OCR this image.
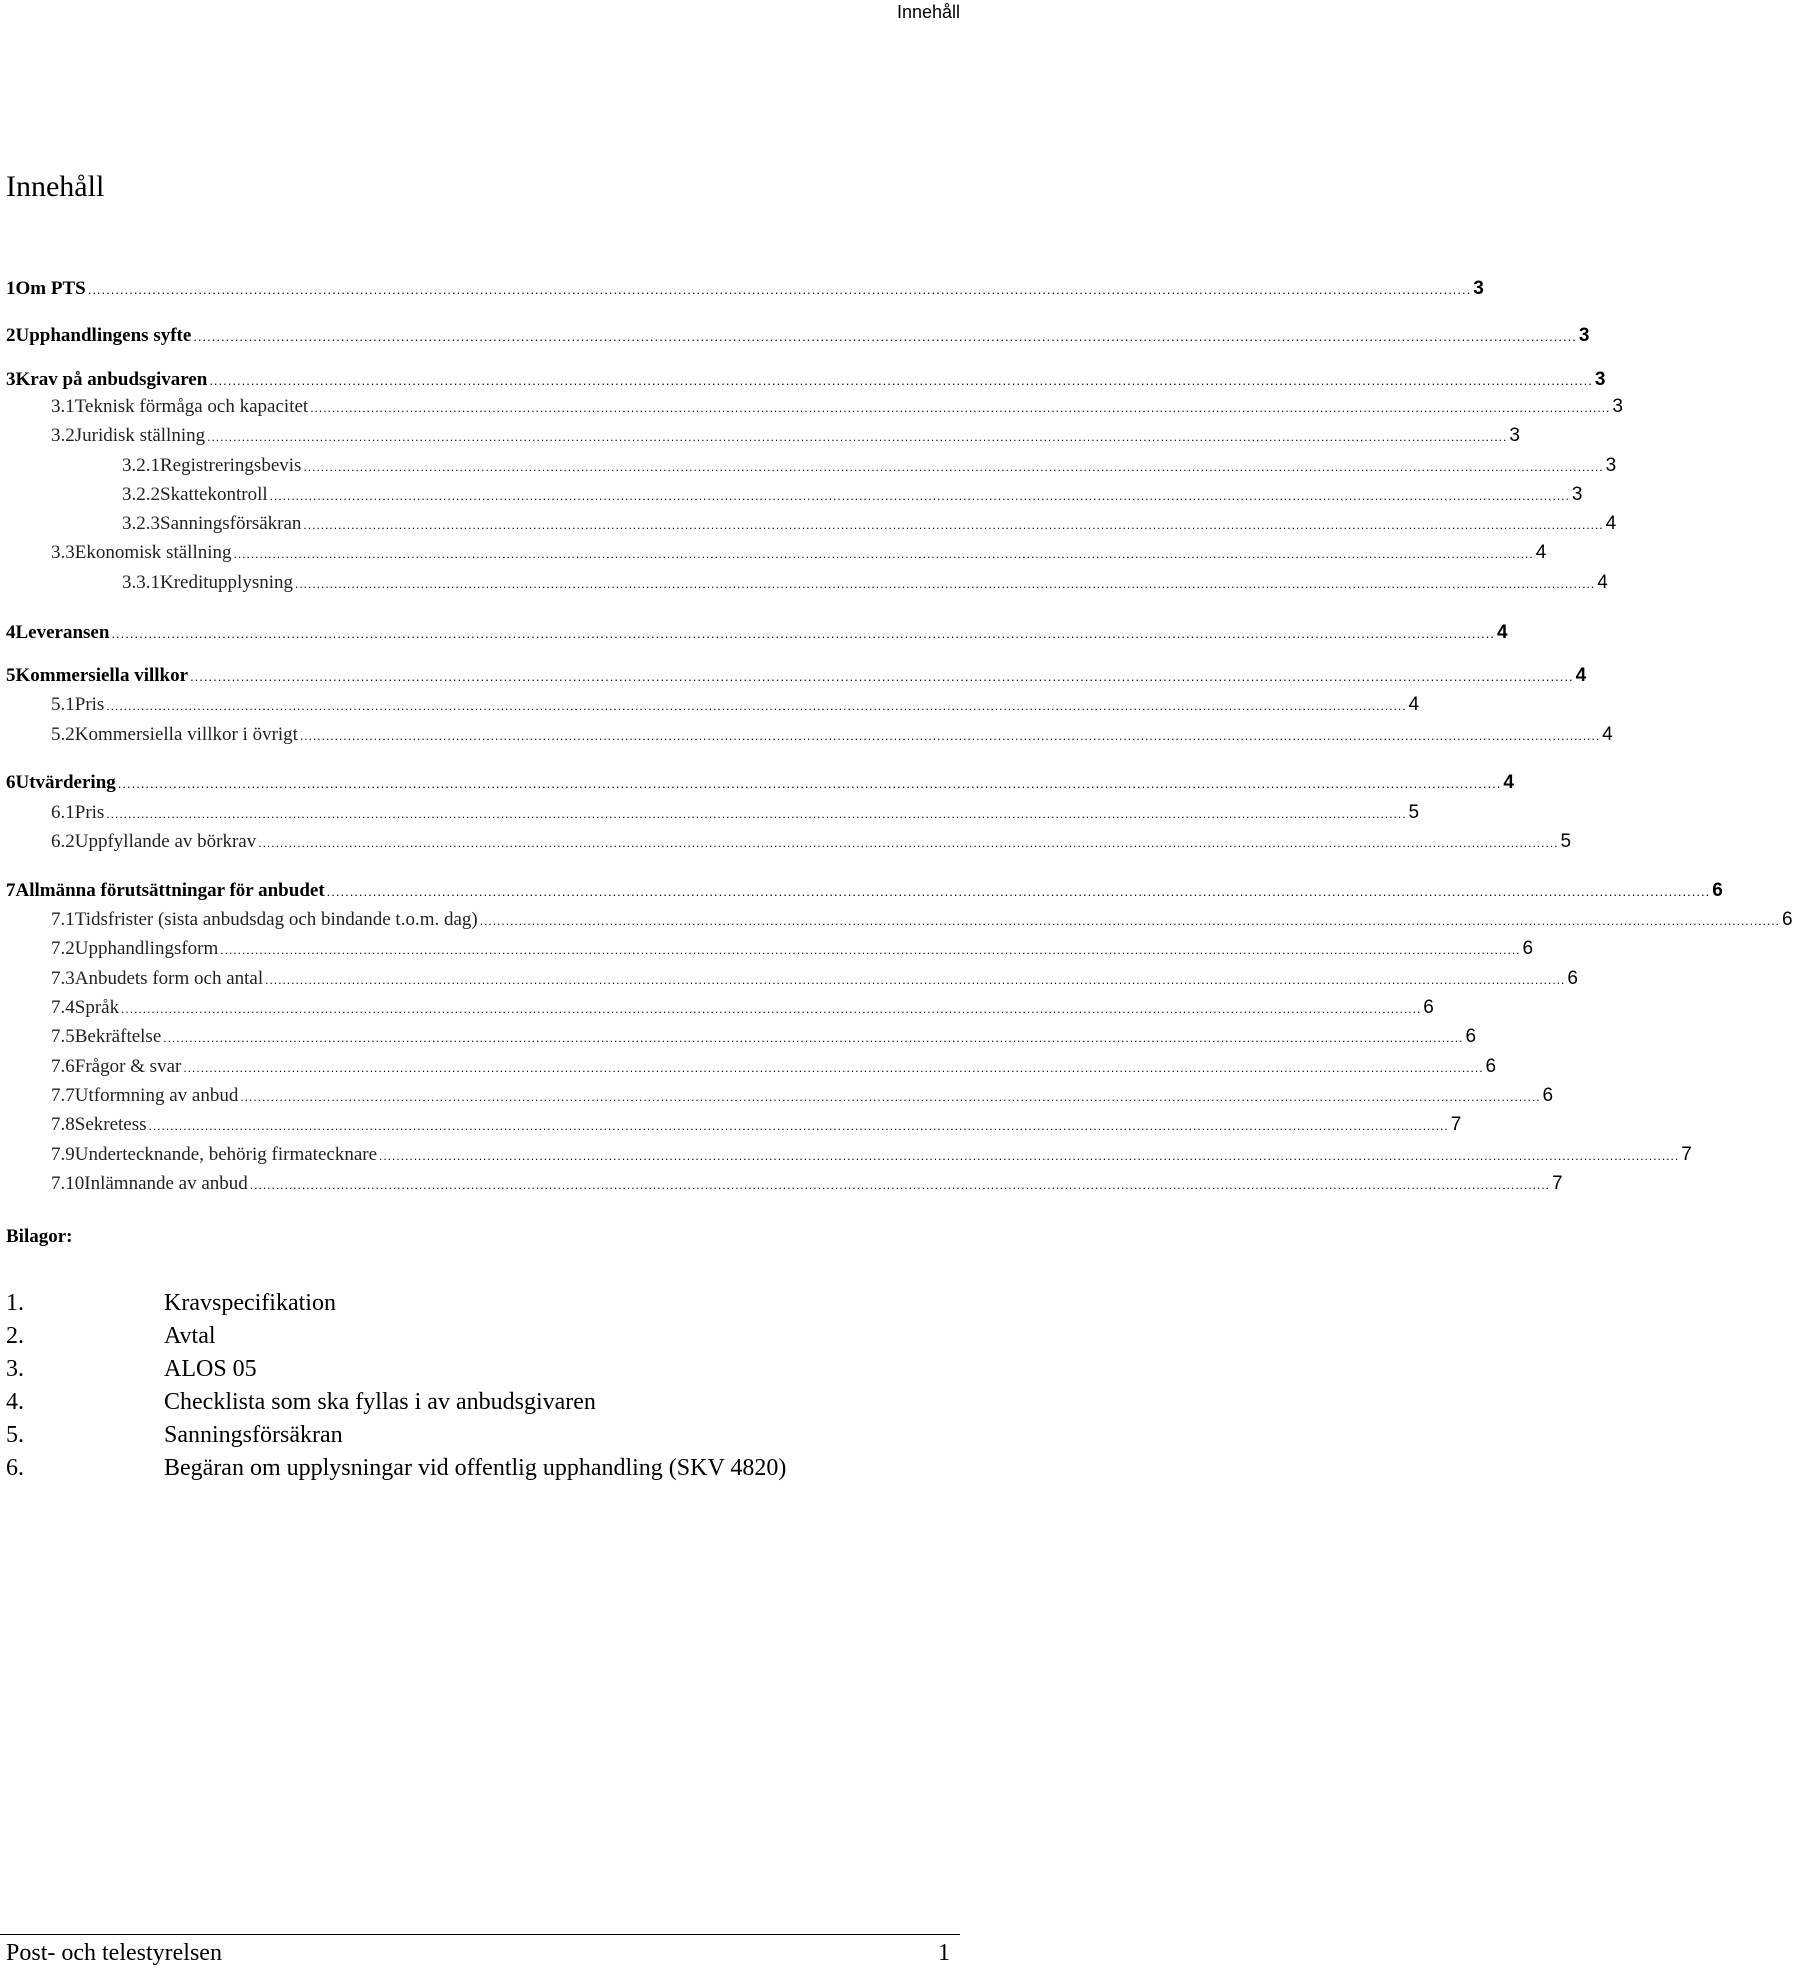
Innehåll
Innehåll
1 Om PTS ............................................................................................................................................................................................................................................................................................................ 3
2 Upphandlingens syfte ............................................................................................................................................................................................................................................................................................................ 3
3 Krav på anbudsgivaren ............................................................................................................................................................................................................................................................................................................ 3
3.1 Teknisk förmåga och kapacitet ............................................................................................................................................................................................................................................................................................................ 3
3.2 Juridisk ställning ............................................................................................................................................................................................................................................................................................................ 3
3.2.1 Registreringsbevis ............................................................................................................................................................................................................................................................................................................ 3
3.2.2 Skattekontroll ............................................................................................................................................................................................................................................................................................................ 3
3.2.3 Sanningsförsäkran ............................................................................................................................................................................................................................................................................................................ 4
3.3 Ekonomisk ställning ............................................................................................................................................................................................................................................................................................................ 4
3.3.1 Kreditupplysning ............................................................................................................................................................................................................................................................................................................ 4
4 Leveransen ............................................................................................................................................................................................................................................................................................................ 4
5 Kommersiella villkor ............................................................................................................................................................................................................................................................................................................ 4
5.1 Pris ............................................................................................................................................................................................................................................................................................................ 4
5.2 Kommersiella villkor i övrigt ............................................................................................................................................................................................................................................................................................................ 4
6 Utvärdering ............................................................................................................................................................................................................................................................................................................ 4
6.1 Pris ............................................................................................................................................................................................................................................................................................................ 5
6.2 Uppfyllande av börkrav ............................................................................................................................................................................................................................................................................................................ 5
7 Allmänna förutsättningar för anbudet ............................................................................................................................................................................................................................................................................................................ 6
7.1 Tidsfrister (sista anbudsdag och bindande t.o.m. dag) ............................................................................................................................................................................................................................................................................................................ 6
7.2 Upphandlingsform ............................................................................................................................................................................................................................................................................................................ 6
7.3 Anbudets form och antal ............................................................................................................................................................................................................................................................................................................ 6
7.4 Språk ............................................................................................................................................................................................................................................................................................................ 6
7.5 Bekräftelse ............................................................................................................................................................................................................................................................................................................ 6
7.6 Frågor & svar ............................................................................................................................................................................................................................................................................................................ 6
7.7 Utformning av anbud ............................................................................................................................................................................................................................................................................................................ 6
7.8 Sekretess ............................................................................................................................................................................................................................................................................................................ 7
7.9 Undertecknande, behörig firmatecknare ............................................................................................................................................................................................................................................................................................................ 7
7.10 Inlämnande av anbud ............................................................................................................................................................................................................................................................................................................ 7
Bilagor:
1.	Kravspecifikation
2.	Avtal
3.	ALOS 05
4.	Checklista som ska fyllas i av anbudsgivaren
5.	Sanningsförsäkran
6.	Begäran om upplysningar vid offentlig upphandling (SKV 4820)
Post- och telestyrelsen	1
